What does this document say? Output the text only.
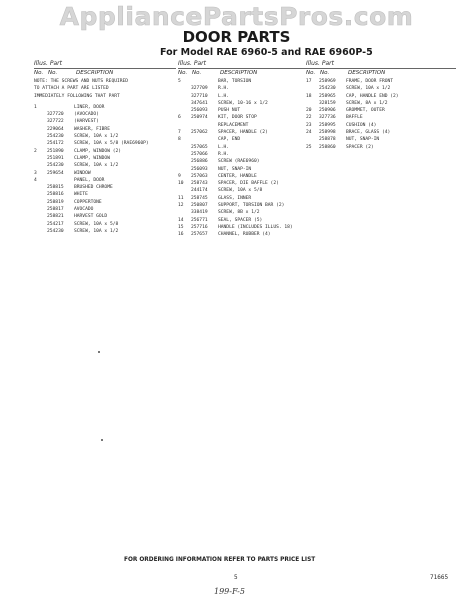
AppliancePartsPros.com
DOOR PARTS
For Model RAE 6960-5 and RAE 6960P-5
Illus. Part
No. No.	DESCRIPTION
NOTE: THE SCREWS AND NUTS REQUIRED
TO ATTACH A PART ARE LISTED
IMMEDIATELY FOLLOWING THAT PART
1	LINER, DOOR
327720	(AVOCADO)
327722	(HARVEST)
229064	WASHER, FIBRE
254230	SCREW, 10A x 1/2
254172	SCREW, 10A x 5/8 (RAE6960P)
2	251890	CLAMP, WINDOW (2)
251891	CLAMP, WINDOW
254230	SCREW, 10A x 1/2
3	259654	WINDOW
4	PANEL, DOOR
258815	BRUSHED CHROME
258816	WHITE
258819	COPPERTONE
258817	AVOCADO
258821	HARVEST GOLD
254217	SCREW, 10A x 5/8
254230	SCREW, 10A x 1/2
Illus. Part
No. No.	DESCRIPTION
5	BAR, TORSION
327709	R.H.
327710	L.H.
347641	SCREW, 10-16 x 1/2
256093	PUSH NUT
6	250974	KIT, DOOR STOP
REPLACEMENT
7	257062	SPACER, HANDLE (2)
8	CAP, END
257065	L.H.
257066	R.H.
256886	SCREW (RAE6960)
256093	NUT, SNAP-IN
9	257063	CENTER, HANDLE
10	258743	SPACER, DIE BAFFLE (2)
244174	SCREW, 10A x 5/8
11	258745	GLASS, INNER
12	250807	SUPPORT, TORSION BAR (2)
338419	SCREW, 8B x 1/2
14	256771	SEAL, SPACER (5)
15	257716	HANDLE (INCLUDES ILLUS. 18)
16	257657	CHANNEL, RUBBER (4)
Illus. Part
No. No.	DESCRIPTION
17	258969	FRAME, DOOR FRONT
254230	SCREW, 10A x 1/2
18	258965	CAP, HANDLE END (2)
328159	SCREW, 8A x 1/2
20	250906	GROMMET, OUTER
22	327736	BAFFLE
23	258995	CUSHION (4)
24	258998	BRACE, GLASS (4)
258878	NUT, SNAP-IN
25	258860	SPACER (2)
FOR ORDERING INFORMATION REFER TO PARTS PRICE LIST
5	71665
199-F-5
